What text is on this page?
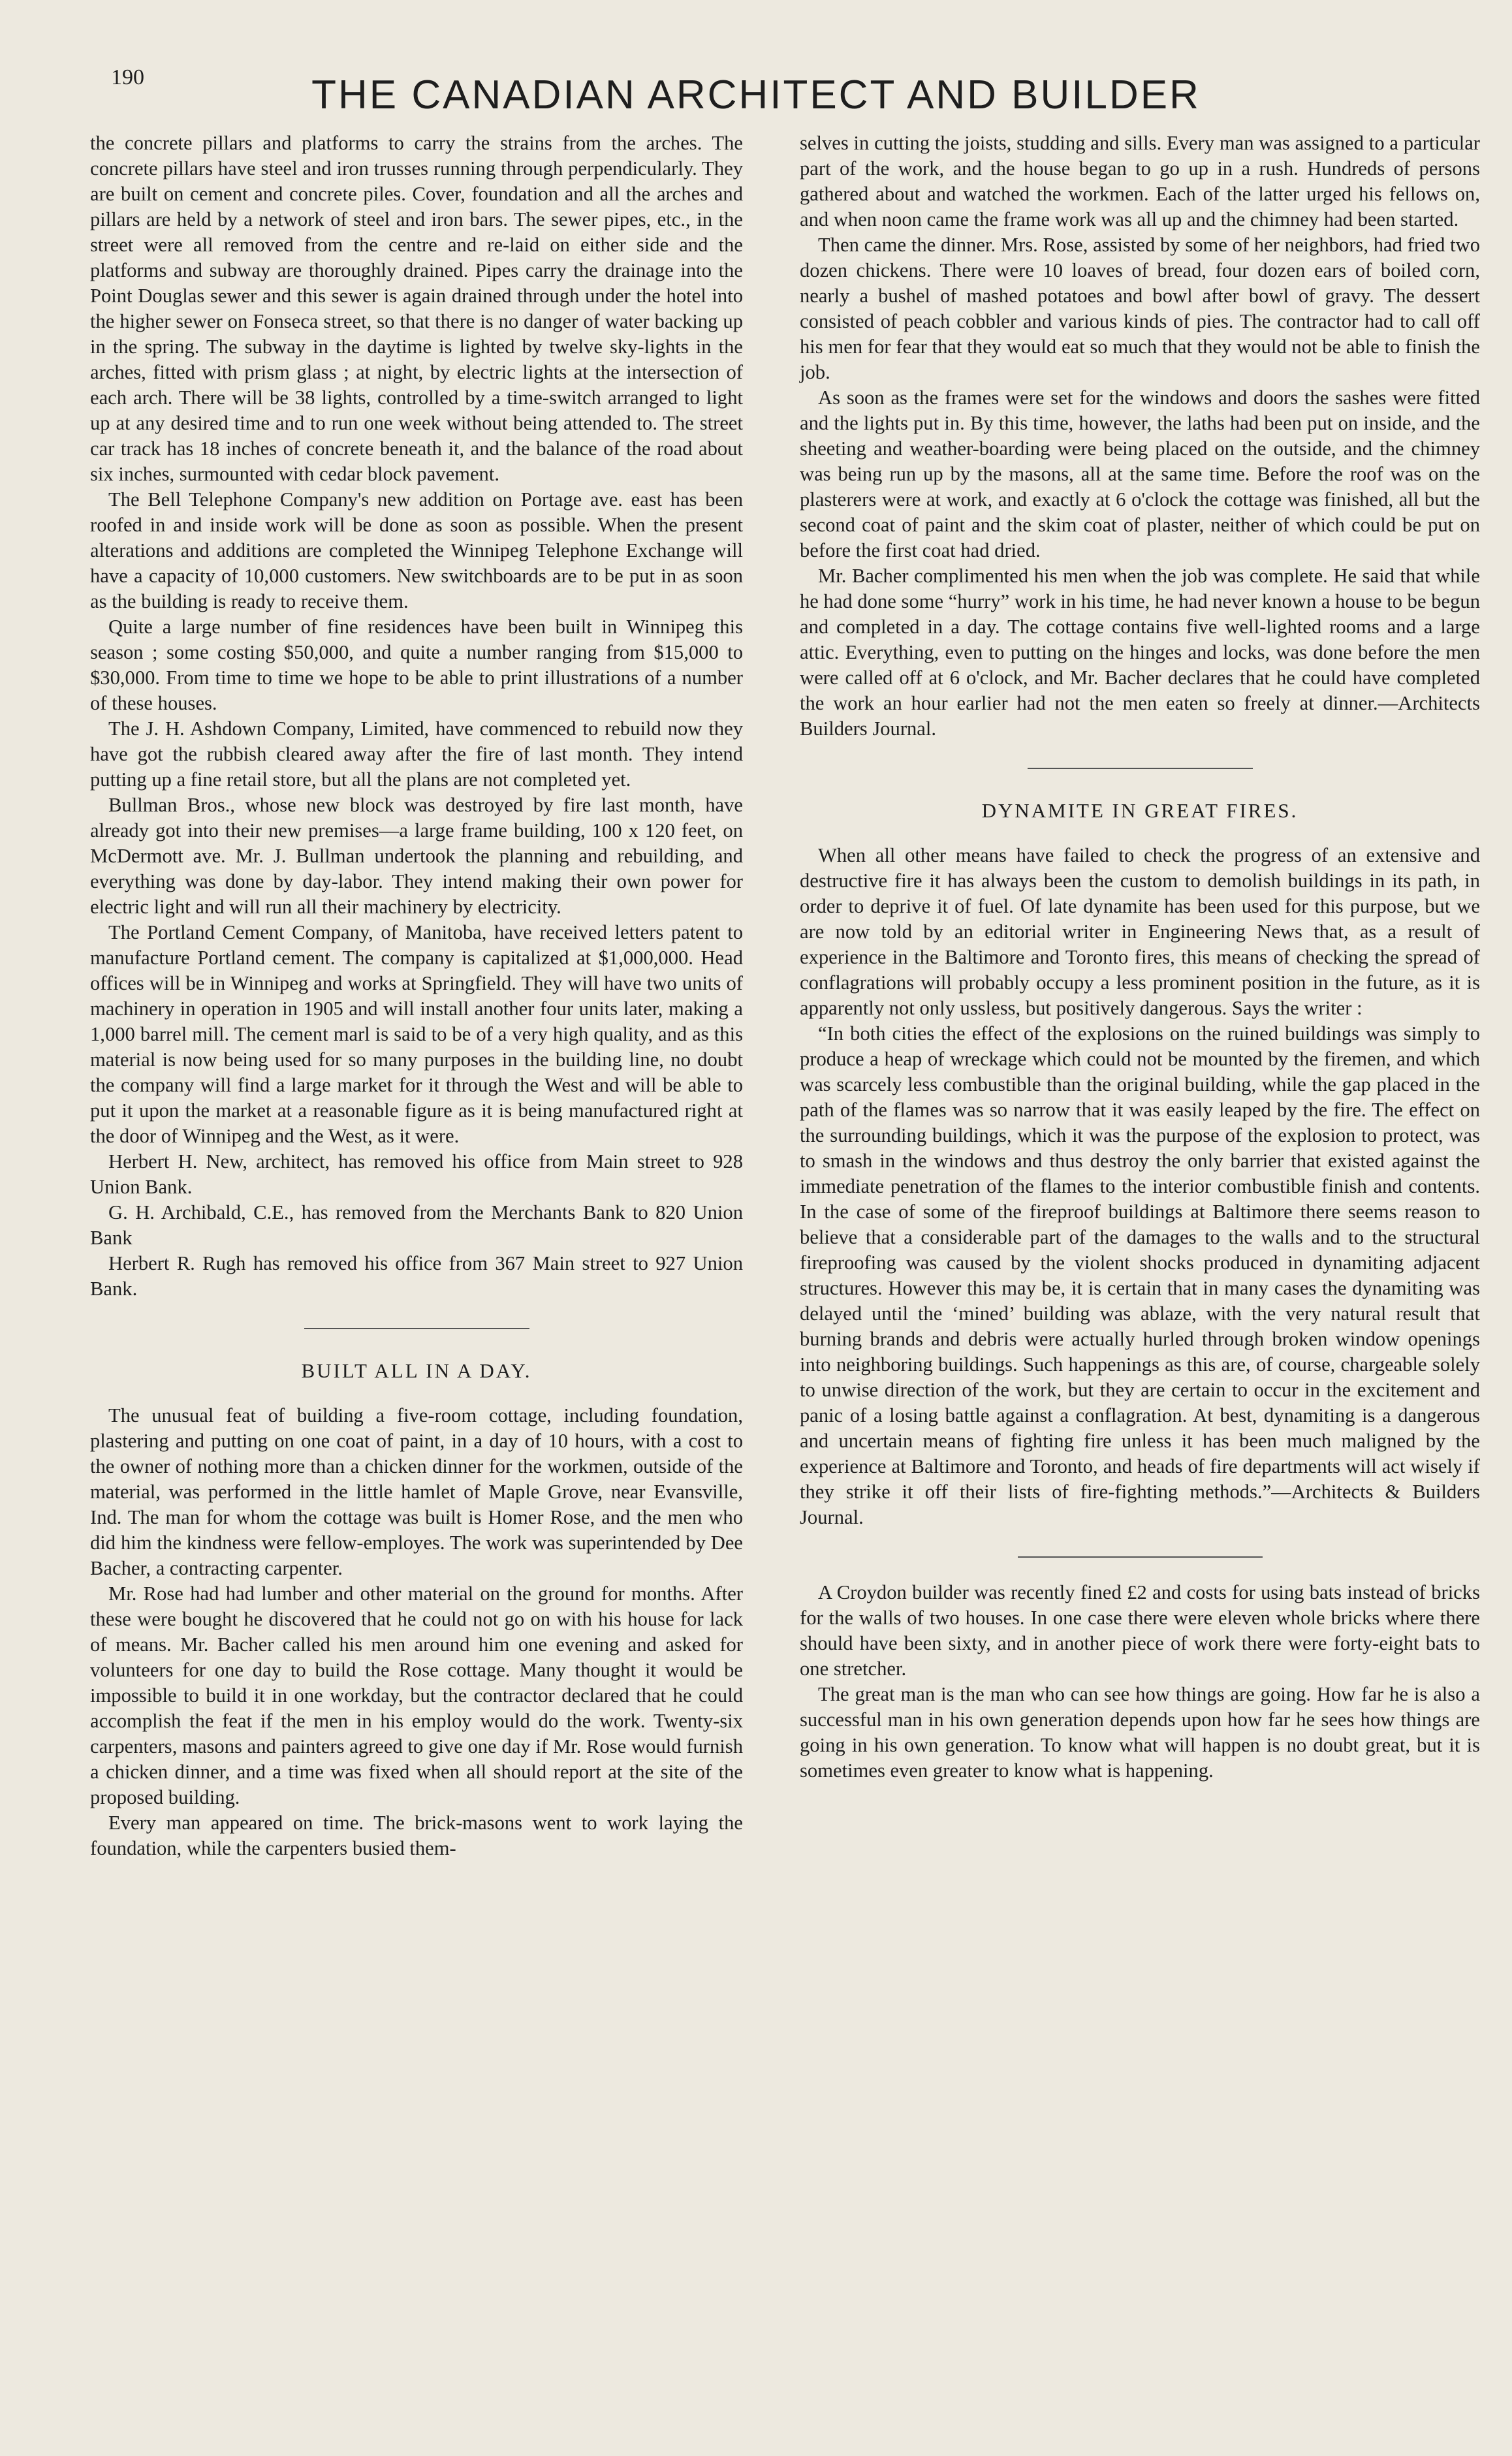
190	THE CANADIAN ARCHITECT AND BUILDER

the concrete pillars and platforms to carry the strains from the arches. The concrete pillars have steel and iron trusses running through perpendicularly. They are built on cement and concrete piles. Cover, foundation and all the arches and pillars are held by a network of steel and iron bars. The sewer pipes, etc., in the street were all removed from the centre and re-laid on either side and the platforms and subway are thoroughly drained. Pipes carry the drainage into the Point Douglas sewer and this sewer is again drained through under the hotel into the higher sewer on Fonseca street, so that there is no danger of water backing up in the spring. The subway in the daytime is lighted by twelve sky-lights in the arches, fitted with prism glass ; at night, by electric lights at the intersection of each arch. There will be 38 lights, controlled by a time-switch arranged to light up at any desired time and to run one week without being attended to. The street car track has 18 inches of concrete beneath it, and the balance of the road about six inches, surmounted with cedar block pavement.

The Bell Telephone Company's new addition on Portage ave. east has been roofed in and inside work will be done as soon as possible. When the present alterations and additions are completed the Winnipeg Telephone Exchange will have a capacity of 10,000 customers. New switchboards are to be put in as soon as the building is ready to receive them.

Quite a large number of fine residences have been built in Winnipeg this season ; some costing $50,000, and quite a number ranging from $15,000 to $30,000. From time to time we hope to be able to print illustrations of a number of these houses.

The J. H. Ashdown Company, Limited, have commenced to rebuild now they have got the rubbish cleared away after the fire of last month. They intend putting up a fine retail store, but all the plans are not completed yet.

Bullman Bros., whose new block was destroyed by fire last month, have already got into their new premises—a large frame building, 100 x 120 feet, on McDermott ave. Mr. J. Bullman undertook the planning and rebuilding, and everything was done by day-labor. They intend making their own power for electric light and will run all their machinery by electricity.

The Portland Cement Company, of Manitoba, have received letters patent to manufacture Portland cement. The company is capitalized at $1,000,000. Head offices will be in Winnipeg and works at Springfield. They will have two units of machinery in operation in 1905 and will install another four units later, making a 1,000 barrel mill. The cement marl is said to be of a very high quality, and as this material is now being used for so many purposes in the building line, no doubt the company will find a large market for it through the West and will be able to put it upon the market at a reasonable figure as it is being manufactured right at the door of Winnipeg and the West, as it were.

Herbert H. New, architect, has removed his office from Main street to 928 Union Bank.

G. H. Archibald, C.E., has removed from the Merchants Bank to 820 Union Bank

Herbert R. Rugh has removed his office from 367 Main street to 927 Union Bank.

BUILT ALL IN A DAY.

The unusual feat of building a five-room cottage, including foundation, plastering and putting on one coat of paint, in a day of 10 hours, with a cost to the owner of nothing more than a chicken dinner for the workmen, outside of the material, was performed in the little hamlet of Maple Grove, near Evansville, Ind. The man for whom the cottage was built is Homer Rose, and the men who did him the kindness were fellow-employes. The work was superintended by Dee Bacher, a contracting carpenter.

Mr. Rose had had lumber and other material on the ground for months. After these were bought he discovered that he could not go on with his house for lack of means. Mr. Bacher called his men around him one evening and asked for volunteers for one day to build the Rose cottage. Many thought it would be impossible to build it in one workday, but the contractor declared that he could accomplish the feat if the men in his employ would do the work. Twenty-six carpenters, masons and painters agreed to give one day if Mr. Rose would furnish a chicken dinner, and a time was fixed when all should report at the site of the proposed building.

Every man appeared on time. The brick-masons went to work laying the foundation, while the carpenters busied them-

selves in cutting the joists, studding and sills. Every man was assigned to a particular part of the work, and the house began to go up in a rush. Hundreds of persons gathered about and watched the workmen. Each of the latter urged his fellows on, and when noon came the frame work was all up and the chimney had been started.

Then came the dinner. Mrs. Rose, assisted by some of her neighbors, had fried two dozen chickens. There were 10 loaves of bread, four dozen ears of boiled corn, nearly a bushel of mashed potatoes and bowl after bowl of gravy. The dessert consisted of peach cobbler and various kinds of pies. The contractor had to call off his men for fear that they would eat so much that they would not be able to finish the job.

As soon as the frames were set for the windows and doors the sashes were fitted and the lights put in. By this time, however, the laths had been put on inside, and the sheeting and weather-boarding were being placed on the outside, and the chimney was being run up by the masons, all at the same time. Before the roof was on the plasterers were at work, and exactly at 6 o'clock the cottage was finished, all but the second coat of paint and the skim coat of plaster, neither of which could be put on before the first coat had dried.

Mr. Bacher complimented his men when the job was complete. He said that while he had done some “hurry” work in his time, he had never known a house to be begun and completed in a day. The cottage contains five well-lighted rooms and a large attic. Everything, even to putting on the hinges and locks, was done before the men were called off at 6 o'clock, and Mr. Bacher declares that he could have completed the work an hour earlier had not the men eaten so freely at dinner.—Architects Builders Journal.

DYNAMITE IN GREAT FIRES.

When all other means have failed to check the progress of an extensive and destructive fire it has always been the custom to demolish buildings in its path, in order to deprive it of fuel. Of late dynamite has been used for this purpose, but we are now told by an editorial writer in Engineering News that, as a result of experience in the Baltimore and Toronto fires, this means of checking the spread of conflagrations will probably occupy a less prominent position in the future, as it is apparently not only ussless, but positively dangerous. Says the writer :

“In both cities the effect of the explosions on the ruined buildings was simply to produce a heap of wreckage which could not be mounted by the firemen, and which was scarcely less combustible than the original building, while the gap placed in the path of the flames was so narrow that it was easily leaped by the fire. The effect on the surrounding buildings, which it was the purpose of the explosion to protect, was to smash in the windows and thus destroy the only barrier that existed against the immediate penetration of the flames to the interior combustible finish and contents. In the case of some of the fireproof buildings at Baltimore there seems reason to believe that a considerable part of the damages to the walls and to the structural fireproofing was caused by the violent shocks produced in dynamiting adjacent structures. However this may be, it is certain that in many cases the dynamiting was delayed until the ‘mined’ building was ablaze, with the very natural result that burning brands and debris were actually hurled through broken window openings into neighboring buildings. Such happenings as this are, of course, chargeable solely to unwise direction of the work, but they are certain to occur in the excitement and panic of a losing battle against a conflagration. At best, dynamiting is a dangerous and uncertain means of fighting fire unless it has been much maligned by the experience at Baltimore and Toronto, and heads of fire departments will act wisely if they strike it off their lists of fire-fighting methods.”—Architects & Builders Journal.

A Croydon builder was recently fined £2 and costs for using bats instead of bricks for the walls of two houses. In one case there were eleven whole bricks where there should have been sixty, and in another piece of work there were forty-eight bats to one stretcher.

The great man is the man who can see how things are going. How far he is also a successful man in his own generation depends upon how far he sees how things are going in his own generation. To know what will happen is no doubt great, but it is sometimes even greater to know what is happening.
